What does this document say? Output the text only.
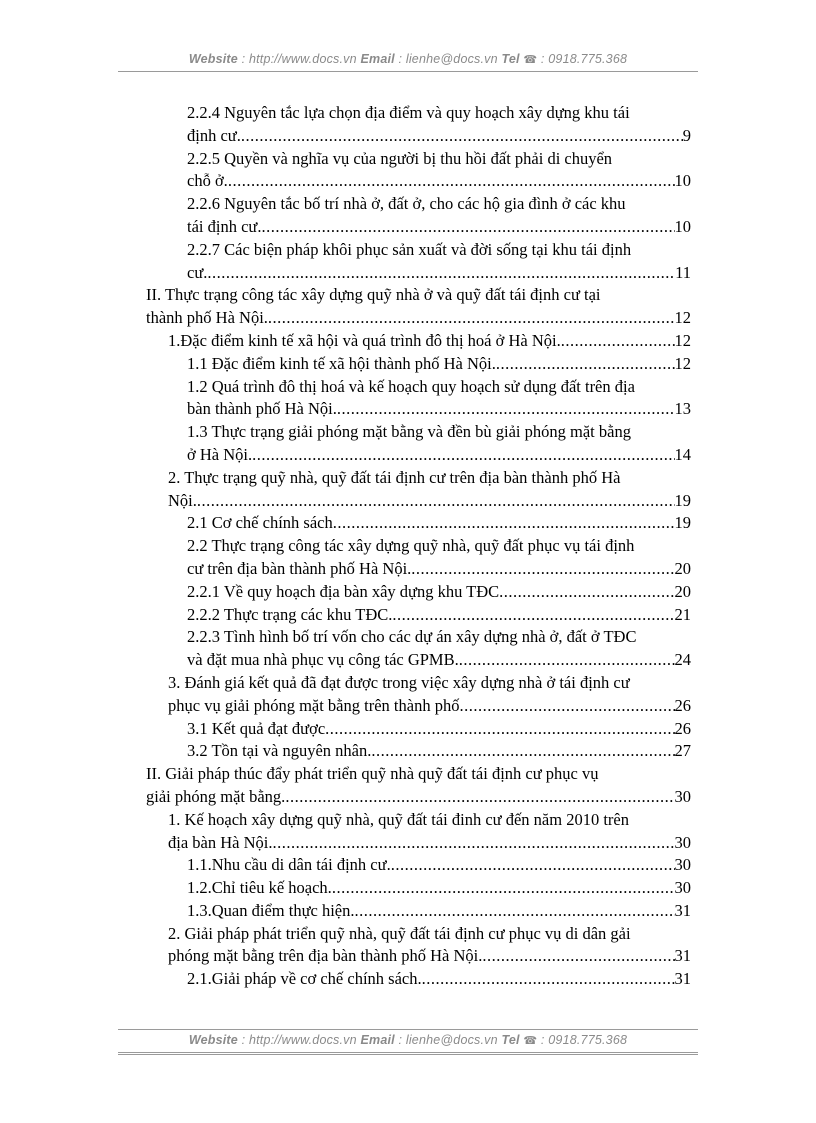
Website : http://www.docs.vn Email : lienhe@docs.vn Tel ☎ : 0918.775.368
2.2.4 Nguyên tắc lựa chọn địa điểm và quy hoạch xây dựng khu tái
định cư. .....	9
2.2.5 Quyền và nghĩa vụ của người bị thu hồi đất phải di chuyển
chỗ ở. .....	10
2.2.6 Nguyên tắc bố trí nhà ở, đất ở, cho các hộ gia đình ở các khu
tái định cư. .....	10
2.2.7 Các biện pháp khôi phục sản xuất và đời sống tại khu tái định
cư. .....	11
II. Thực trạng công tác xây dựng quỹ nhà ở và quỹ đất tái định cư tại
thành phố Hà Nội. .....	12
1.Đặc điểm kinh tế xã hội và quá trình đô thị hoá ở Hà Nội. .....	12
1.1 Đặc điểm kinh tế xã hội thành phố Hà Nội. .....	12
1.2 Quá trình đô thị hoá và kế hoạch quy hoạch sử dụng đất trên địa
bàn thành phố Hà Nội. .....	13
1.3 Thực trạng giải phóng mặt bằng và đền bù giải phóng mặt bằng
ở Hà Nội. .....	14
2. Thực trạng quỹ nhà, quỹ đất tái định cư trên địa bàn thành phố Hà
Nội. .....	19
2.1 Cơ chế chính sách .....	19
2.2 Thực trạng công tác xây dựng quỹ nhà, quỹ đất phục vụ tái định
cư trên địa bàn thành phố Hà Nội. .....	20
2.2.1 Về quy hoạch địa bàn xây dựng khu TĐC .....	20
2.2.2 Thực trạng các khu TĐC. .....	21
2.2.3 Tình hình bố trí vốn cho các dự án xây dựng nhà ở, đất ở TĐC
và đặt mua nhà phục vụ công tác GPMB. .....	24
3. Đánh giá kết quả đã đạt được trong việc xây dựng nhà ở tái định cư
phục vụ giải phóng mặt bằng trên thành phố .....	26
3.1 Kết quả đạt được .....	26
3.2 Tồn tại và nguyên nhân. .....	27
II. Giải pháp thúc đẩy phát triển quỹ nhà quỹ đất tái định cư phục vụ
giải phóng mặt bằng. .....	30
1. Kế hoạch xây dựng quỹ nhà, quỹ đất tái đinh cư đến năm 2010 trên
địa bàn Hà Nội. .....	30
1.1.Nhu cầu di dân tái định cư. .....	30
1.2.Chỉ tiêu kế hoạch. .....	30
1.3.Quan điểm thực hiện. .....	31
2. Giải pháp phát triển quỹ nhà, quỹ đất tái định cư phục vụ di dân gải
phóng mặt bằng trên địa bàn thành phố Hà Nội. .....	31
2.1.Giải pháp về cơ chế chính sách. .....	31
Website : http://www.docs.vn Email : lienhe@docs.vn Tel ☎ : 0918.775.368
